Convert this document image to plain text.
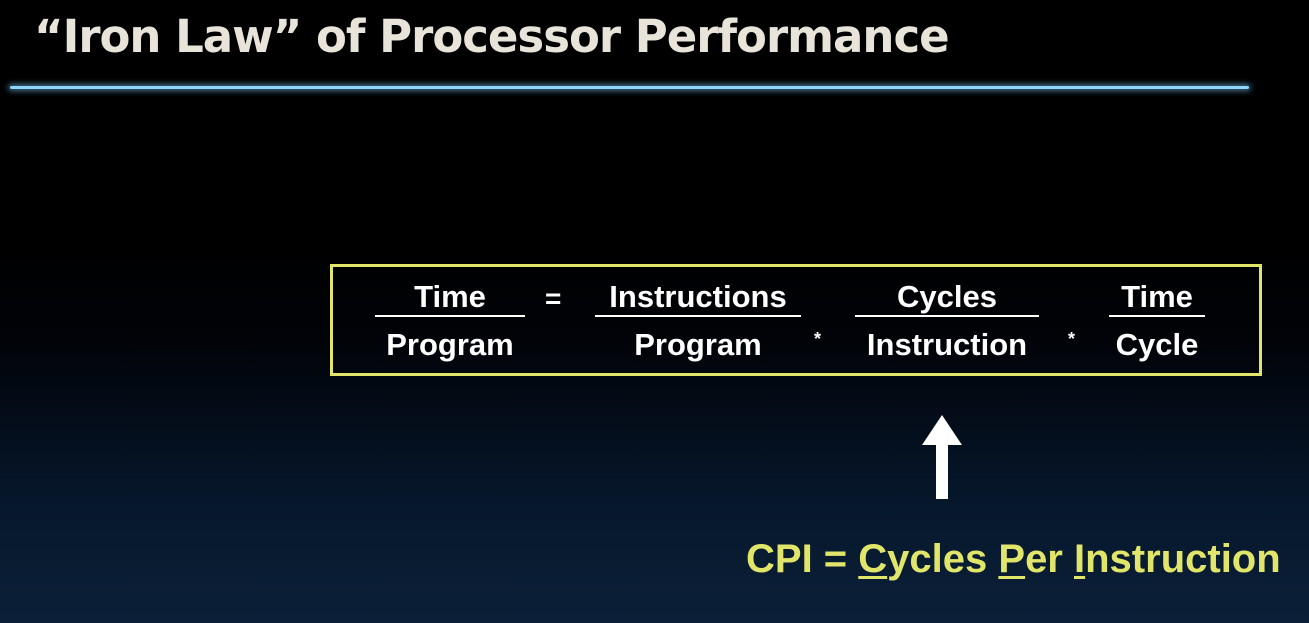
“Iron Law” of Processor Performance
Time
Program
=	Instructions
Program	*
Cycles
Instruction	*
Time
Cycle
CPI = Cycles Per Instruction
